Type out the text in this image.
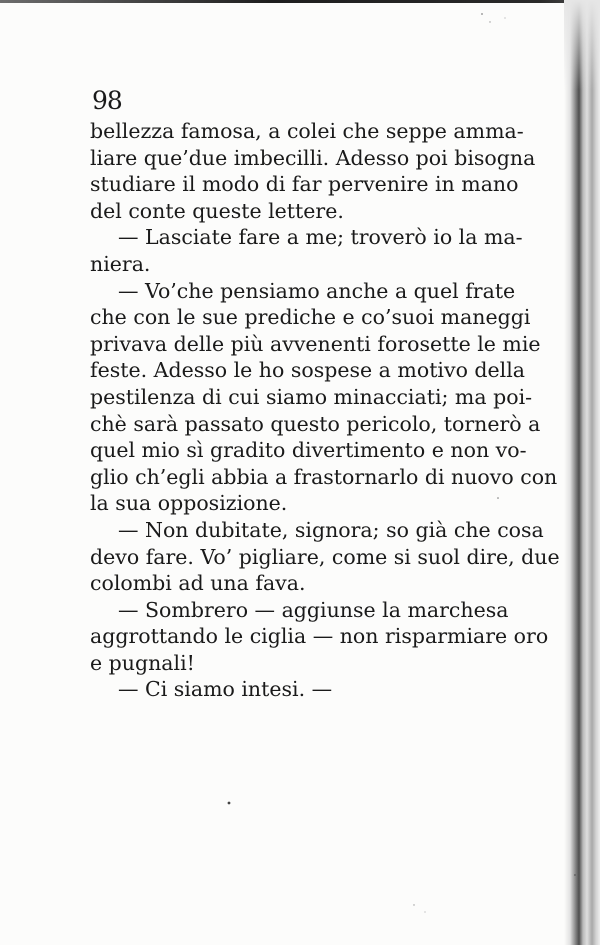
98
bellezza famosa, a colei che seppe amma-
liare que’due imbecilli. Adesso poi bisogna
studiare il modo di far pervenire in mano
del conte queste lettere.
— Lasciate fare a me; troverò io la ma-
niera.
— Vo’che pensiamo anche a quel frate
che con le sue prediche e co’suoi maneggi
privava delle più avvenenti forosette le mie
feste. Adesso le ho sospese a motivo della
pestilenza di cui siamo minacciati; ma poi-
chè sarà passato questo pericolo, tornerò a
quel mio sì gradito divertimento e non vo-
glio ch’egli abbia a frastornarlo di nuovo con
la sua opposizione.
— Non dubitate, signora; so già che cosa
devo fare. Vo’ pigliare, come si suol dire, due
colombi ad una fava.
— Sombrero — aggiunse la marchesa
aggrottando le ciglia — non risparmiare oro
e pugnali!
— Ci siamo intesi. —
